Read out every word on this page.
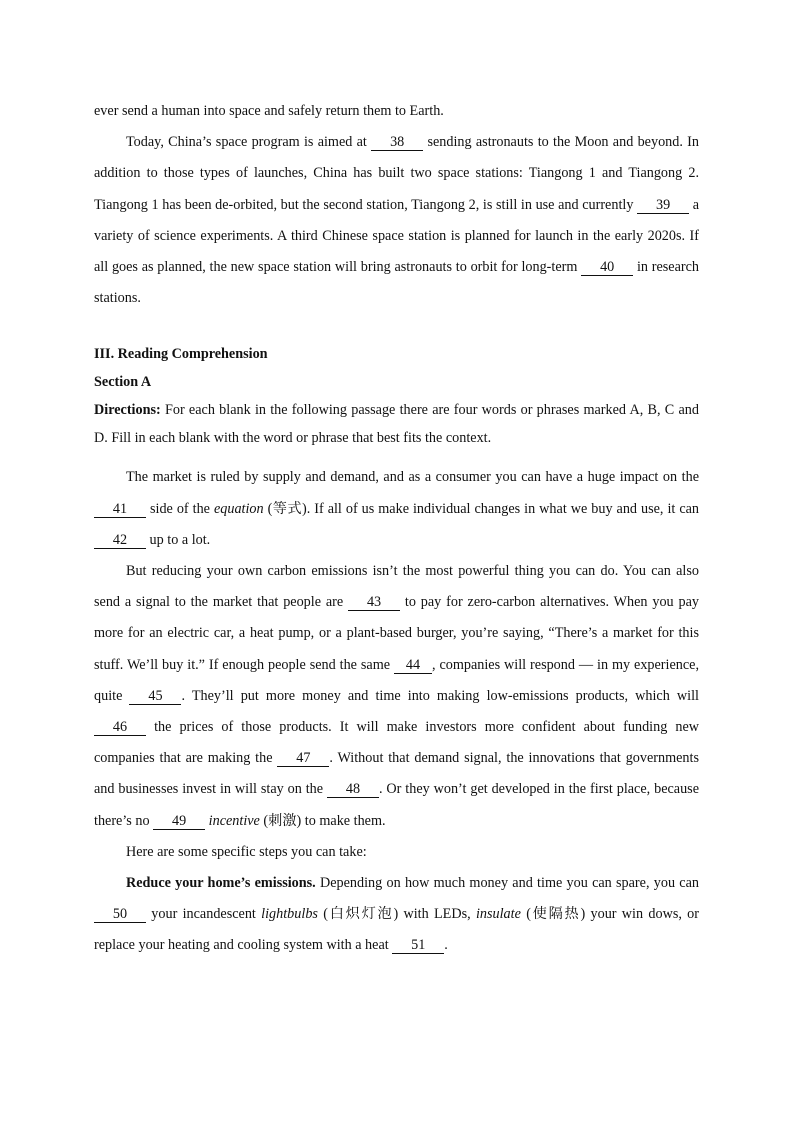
ever send a human into space and safely return them to Earth.

Today, China’s space program is aimed at 38 sending astronauts to the Moon and beyond. In addition to those types of launches, China has built two space stations: Tiangong 1 and Tiangong 2. Tiangong 1 has been de-orbited, but the second station, Tiangong 2, is still in use and currently 39 a variety of science experiments. A third Chinese space station is planned for launch in the early 2020s. If all goes as planned, the new space station will bring astronauts to orbit for long-term 40 in research stations.

III. Reading Comprehension
Section A

Directions: For each blank in the following passage there are four words or phrases marked A, B, C and D. Fill in each blank with the word or phrase that best fits the context.

The market is ruled by supply and demand, and as a consumer you can have a huge impact on the 41 side of the equation (等式). If all of us make individual changes in what we buy and use, it can 42 up to a lot.

But reducing your own carbon emissions isn’t the most powerful thing you can do. You can also send a signal to the market that people are 43 to pay for zero-carbon alternatives. When you pay more for an electric car, a heat pump, or a plant-based burger, you’re saying, “There’s a market for this stuff. We’ll buy it.” If enough people send the same 44 , companies will respond — in my experience, quite 45 . They’ll put more money and time into making low-emissions products, which will 46 the prices of those products. It will make investors more confident about funding new companies that are making the 47 . Without that demand signal, the innovations that governments and businesses invest in will stay on the 48 . Or they won’t get developed in the first place, because there’s no 49 incentive (刺激) to make them.

Here are some specific steps you can take:

Reduce your home’s emissions. Depending on how much money and time you can spare, you can 50 your incandescent lightbulbs (白炽灯泡) with LEDs, insulate (使隔热) your win dows, or replace your heating and cooling system with a heat 51 .
